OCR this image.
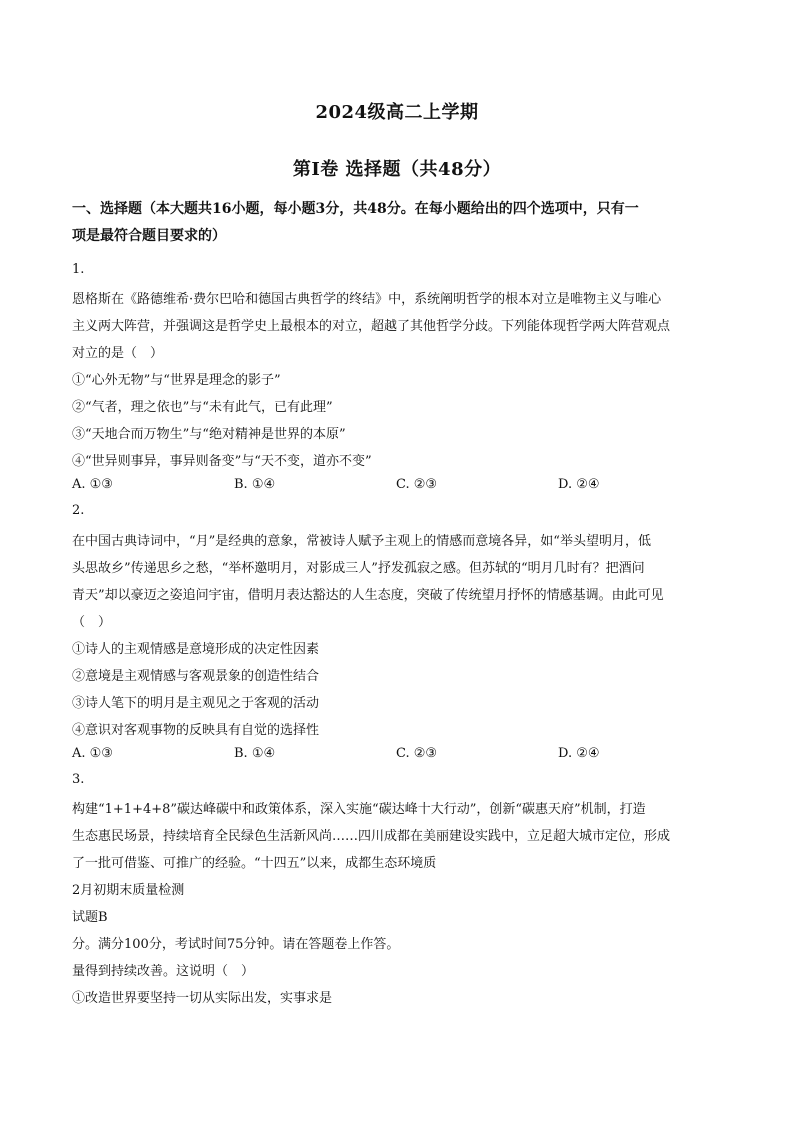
2024级高二上学期
第Ⅰ卷 选择题（共48分）
一、选择题（本大题共16小题，每小题3分，共48分。在每小题给出的四个选项中，只有一
项是最符合题目要求的）
1.
恩格斯在《路德维希·费尔巴哈和德国古典哲学的终结》中，系统阐明哲学的根本对立是唯物主义与唯心
主义两大阵营，并强调这是哲学史上最根本的对立，超越了其他哲学分歧。下列能体现哲学两大阵营观点
对立的是（　）
①“心外无物”与“世界是理念的影子”
②“气者，理之依也”与“未有此气，已有此理”
③“天地合而万物生”与“绝对精神是世界的本原”
④“世异则事异，事异则备变”与“天不变，道亦不变”
A. ①③	B. ①④	C. ②③	D. ②④
2.
在中国古典诗词中，“月”是经典的意象，常被诗人赋予主观上的情感而意境各异，如“举头望明月，低
头思故乡”传递思乡之愁，“举杯邀明月，对影成三人”抒发孤寂之感。但苏轼的“明月几时有？把酒问
青天”却以豪迈之姿追问宇宙，借明月表达豁达的人生态度，突破了传统望月抒怀的情感基调。由此可见
（　）
①诗人的主观情感是意境形成的决定性因素
②意境是主观情感与客观景象的创造性结合
③诗人笔下的明月是主观见之于客观的活动
④意识对客观事物的反映具有自觉的选择性
A. ①③	B. ①④	C. ②③	D. ②④
3.
构建“1+1+4+8”碳达峰碳中和政策体系，深入实施“碳达峰十大行动”，创新“碳惠天府”机制，打造
生态惠民场景，持续培育全民绿色生活新风尚……四川成都在美丽建设实践中，立足超大城市定位，形成
了一批可借鉴、可推广的经验。“十四五”以来，成都生态环境质
2月初期末质量检测
试题B
分。满分100分，考试时间75分钟。请在答题卷上作答。
量得到持续改善。这说明（　）
①改造世界要坚持一切从实际出发，实事求是
